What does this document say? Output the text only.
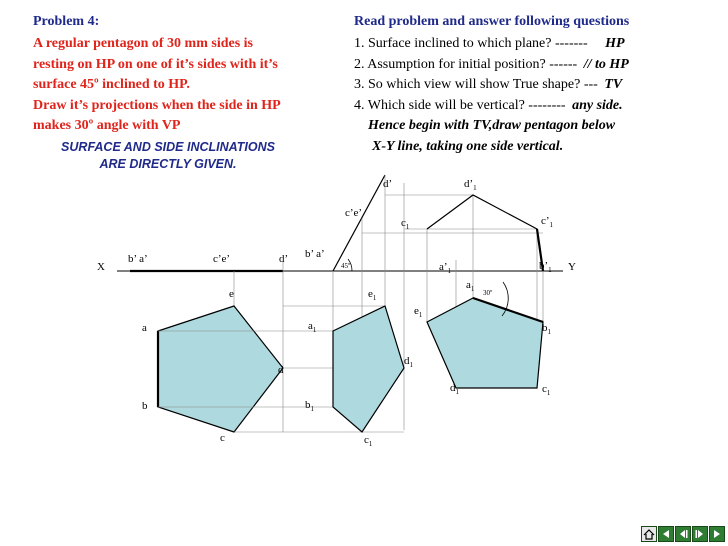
Problem 4:
A regular pentagon of 30 mm sides is
resting on HP on one of it’s sides with it’s
surface 45º inclined to HP.
Draw it’s projections when the side in HP
makes 30º angle with VP
SURFACE AND SIDE INCLINATIONS
ARE DIRECTLY GIVEN.
Read problem and answer following questions
1. Surface inclined to which plane? ------- HP
2. Assumption for initial position? ------ // to HP
3. So which view will show True shape? --- TV
4. Which side will be vertical? -------- any side.
Hence begin with TV,draw pentagon below
X-Y line, taking one side vertical.
X	Y
b’ a’	c’e’	d’
a
b
c
d
e
45º
b’ a’
c’e’
d’
$a_1$
$b_1$
$c_1$
$d_1$
$e_1$
30º
$d’_1$
$c’_1$
$c_1$
$a’_1$	$b’_1$
$a_1$
$b_1$
$c_1$
$d_1$
$e_1$
